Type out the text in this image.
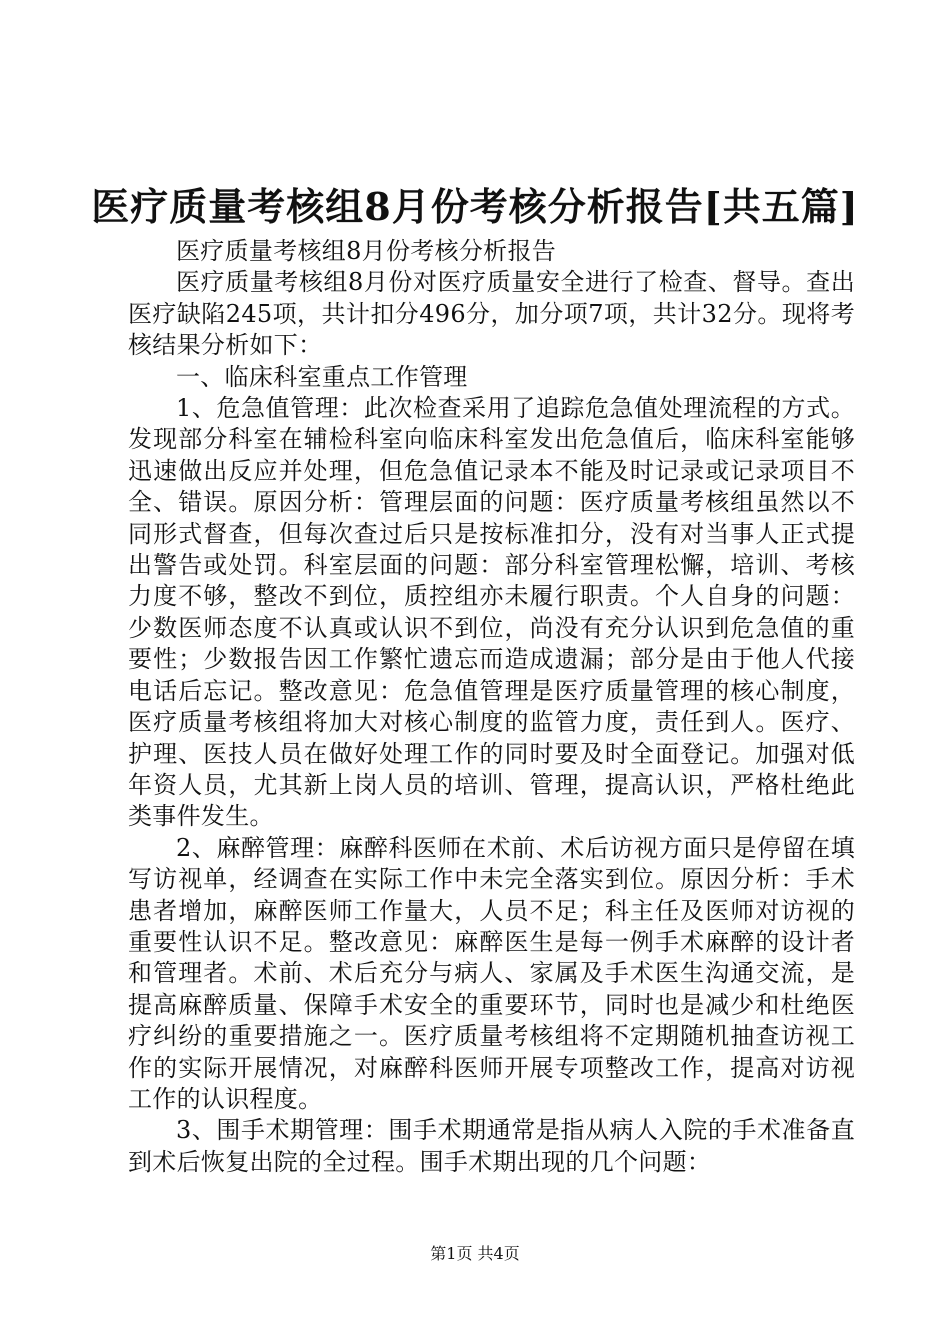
医疗质量考核组8月份考核分析报告[共五篇]

医疗质量考核组8月份考核分析报告

医疗质量考核组8月份对医疗质量安全进行了检查、督导。查出医疗缺陷245项，共计扣分496分，加分项7项，共计32分。现将考核结果分析如下：

一、临床科室重点工作管理

1、危急值管理：此次检查采用了追踪危急值处理流程的方式。发现部分科室在辅检科室向临床科室发出危急值后，临床科室能够迅速做出反应并处理，但危急值记录本不能及时记录或记录项目不全、错误。原因分析：管理层面的问题：医疗质量考核组虽然以不同形式督查，但每次查过后只是按标准扣分，没有对当事人正式提出警告或处罚。科室层面的问题：部分科室管理松懈，培训、考核力度不够，整改不到位，质控组亦未履行职责。个人自身的问题：少数医师态度不认真或认识不到位，尚没有充分认识到危急值的重要性；少数报告因工作繁忙遗忘而造成遗漏；部分是由于他人代接电话后忘记。整改意见：危急值管理是医疗质量管理的核心制度，医疗质量考核组将加大对核心制度的监管力度，责任到人。医疗、护理、医技人员在做好处理工作的同时要及时全面登记。加强对低年资人员，尤其新上岗人员的培训、管理，提高认识，严格杜绝此类事件发生。

2、麻醉管理：麻醉科医师在术前、术后访视方面只是停留在填写访视单，经调查在实际工作中未完全落实到位。原因分析：手术患者增加，麻醉医师工作量大，人员不足；科主任及医师对访视的重要性认识不足。整改意见：麻醉医生是每一例手术麻醉的设计者和管理者。术前、术后充分与病人、家属及手术医生沟通交流，是提高麻醉质量、保障手术安全的重要环节，同时也是减少和杜绝医疗纠纷的重要措施之一。医疗质量考核组将不定期随机抽查访视工作的实际开展情况，对麻醉科医师开展专项整改工作，提高对访视工作的认识程度。

3、围手术期管理：围手术期通常是指从病人入院的手术准备直到术后恢复出院的全过程。围手术期出现的几个问题：

第1页 共4页
